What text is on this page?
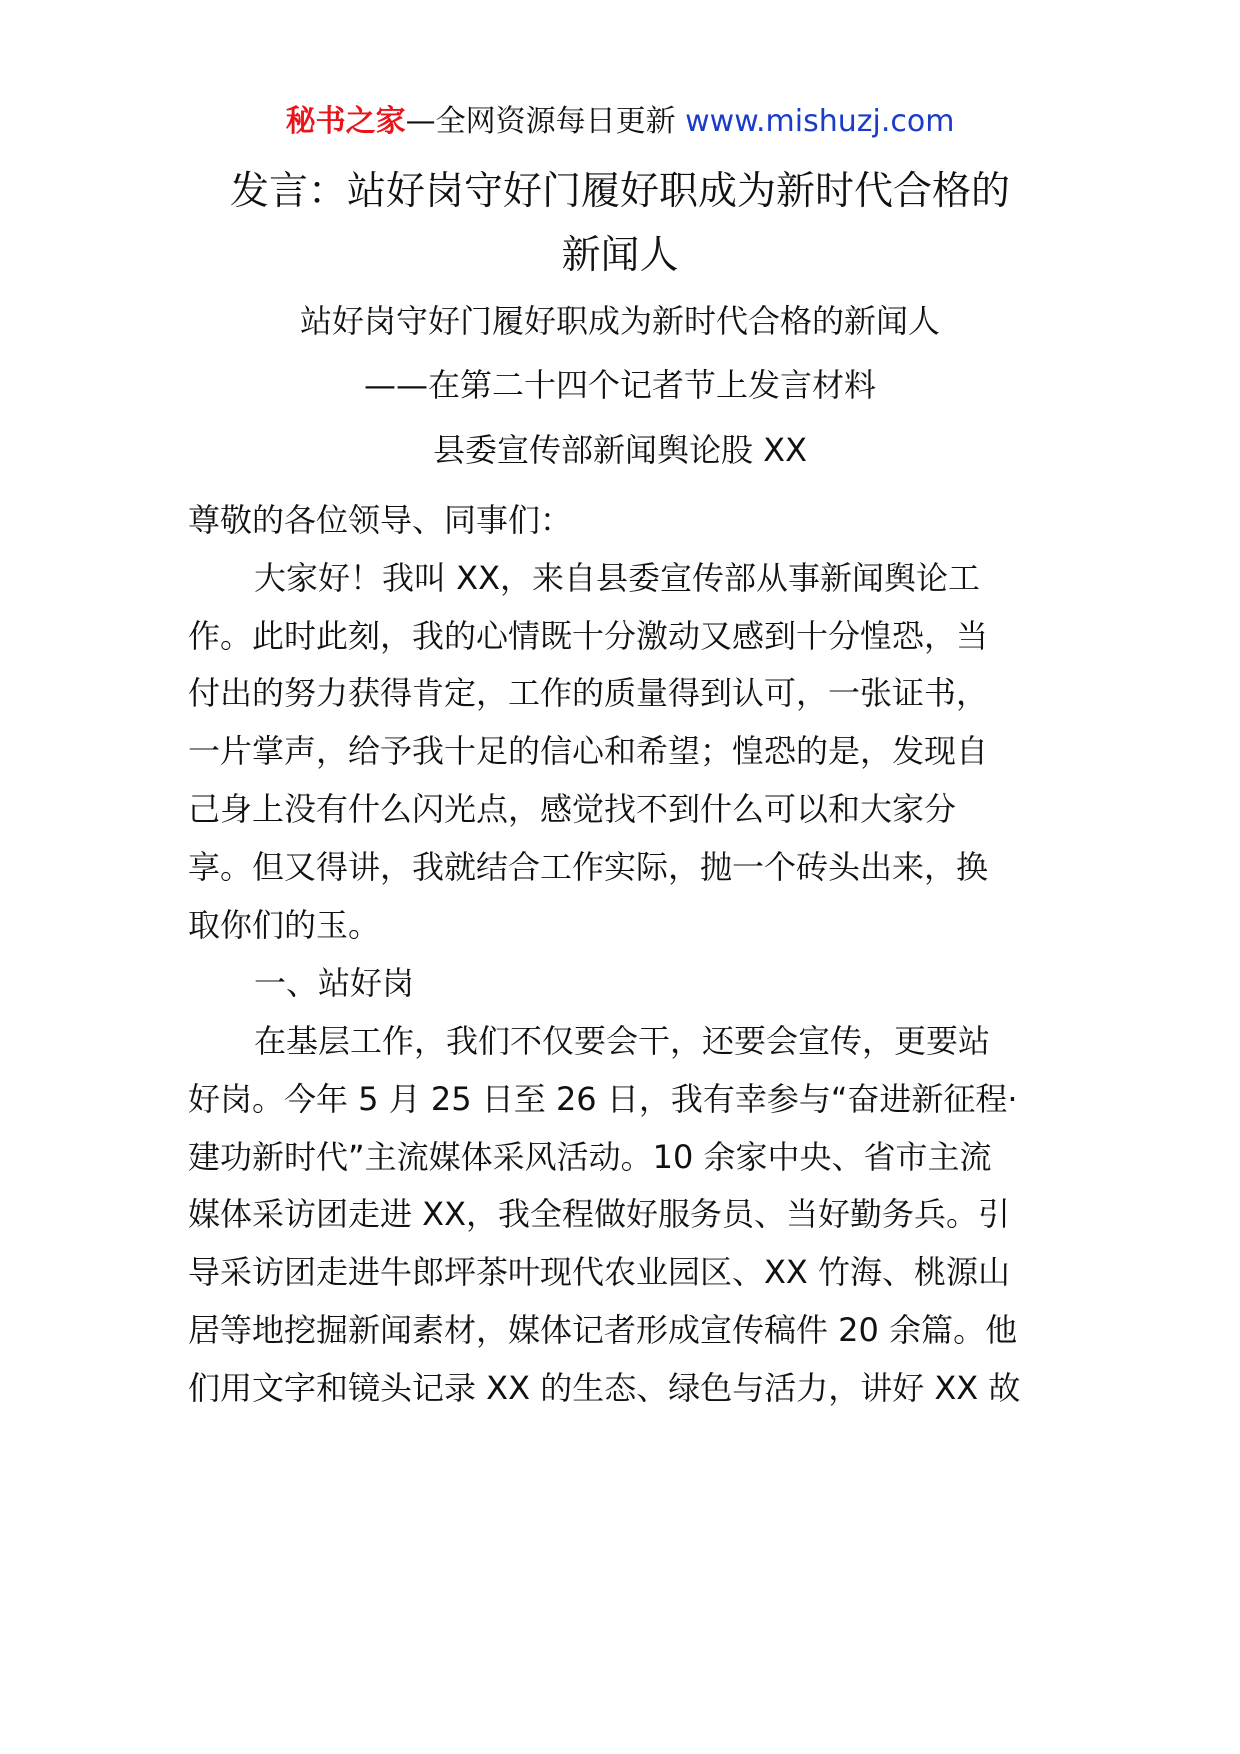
秘书之家—全网资源每日更新 www.mishuzj.com
发言：站好岗守好门履好职成为新时代合格的
新闻人
站好岗守好门履好职成为新时代合格的新闻人
——在第二十四个记者节上发言材料
县委宣传部新闻舆论股 XX
尊敬的各位领导、同事们：
大家好！我叫 XX，来自县委宣传部从事新闻舆论工
作。此时此刻，我的心情既十分激动又感到十分惶恐，当
付出的努力获得肯定，工作的质量得到认可，一张证书，
一片掌声，给予我十足的信心和希望；惶恐的是，发现自
己身上没有什么闪光点，感觉找不到什么可以和大家分
享。但又得讲，我就结合工作实际，抛一个砖头出来，换
取你们的玉。
一、站好岗
在基层工作，我们不仅要会干，还要会宣传，更要站
好岗。今年 5 月 25 日至 26 日，我有幸参与“奋进新征程·
建功新时代”主流媒体采风活动。10 余家中央、省市主流
媒体采访团走进 XX，我全程做好服务员、当好勤务兵。引
导采访团走进牛郎坪茶叶现代农业园区、XX 竹海、桃源山
居等地挖掘新闻素材，媒体记者形成宣传稿件 20 余篇。他
们用文字和镜头记录 XX 的生态、绿色与活力，讲好 XX 故
